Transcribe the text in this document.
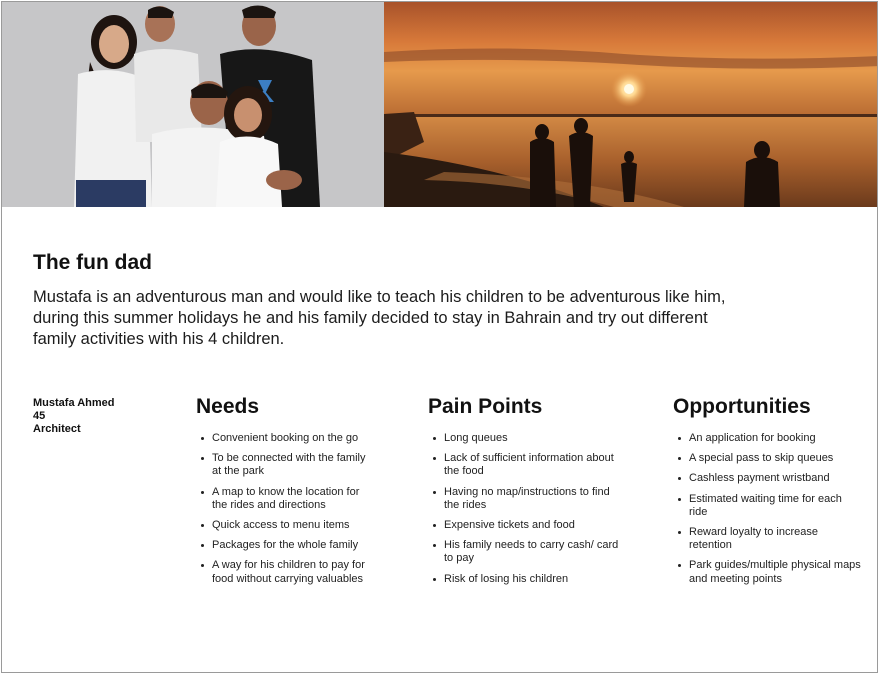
The fun dad

Mustafa is an adventurous man and would like to teach his children to be adventurous like him, during this summer holidays he and his family decided to stay in Bahrain and try out different family activities with his 4 children.

Mustafa Ahmed
45
Architect
Needs
Convenient booking on the go
To be connected with the family at the park
A map to know the location for the rides and directions
Quick access to menu items
Packages for the whole family
A way for his children to pay for food without carrying valuables
Pain Points
Long queues
Lack of sufficient information about the food
Having no map/instructions to find the rides
Expensive tickets and food
His family needs to carry cash/ card to pay
Risk of losing his children
Opportunities
An application for booking
A special pass to skip queues
Cashless payment wristband
Estimated waiting time for each ride
Reward loyalty to increase retention
Park guides/multiple physical maps and meeting points
